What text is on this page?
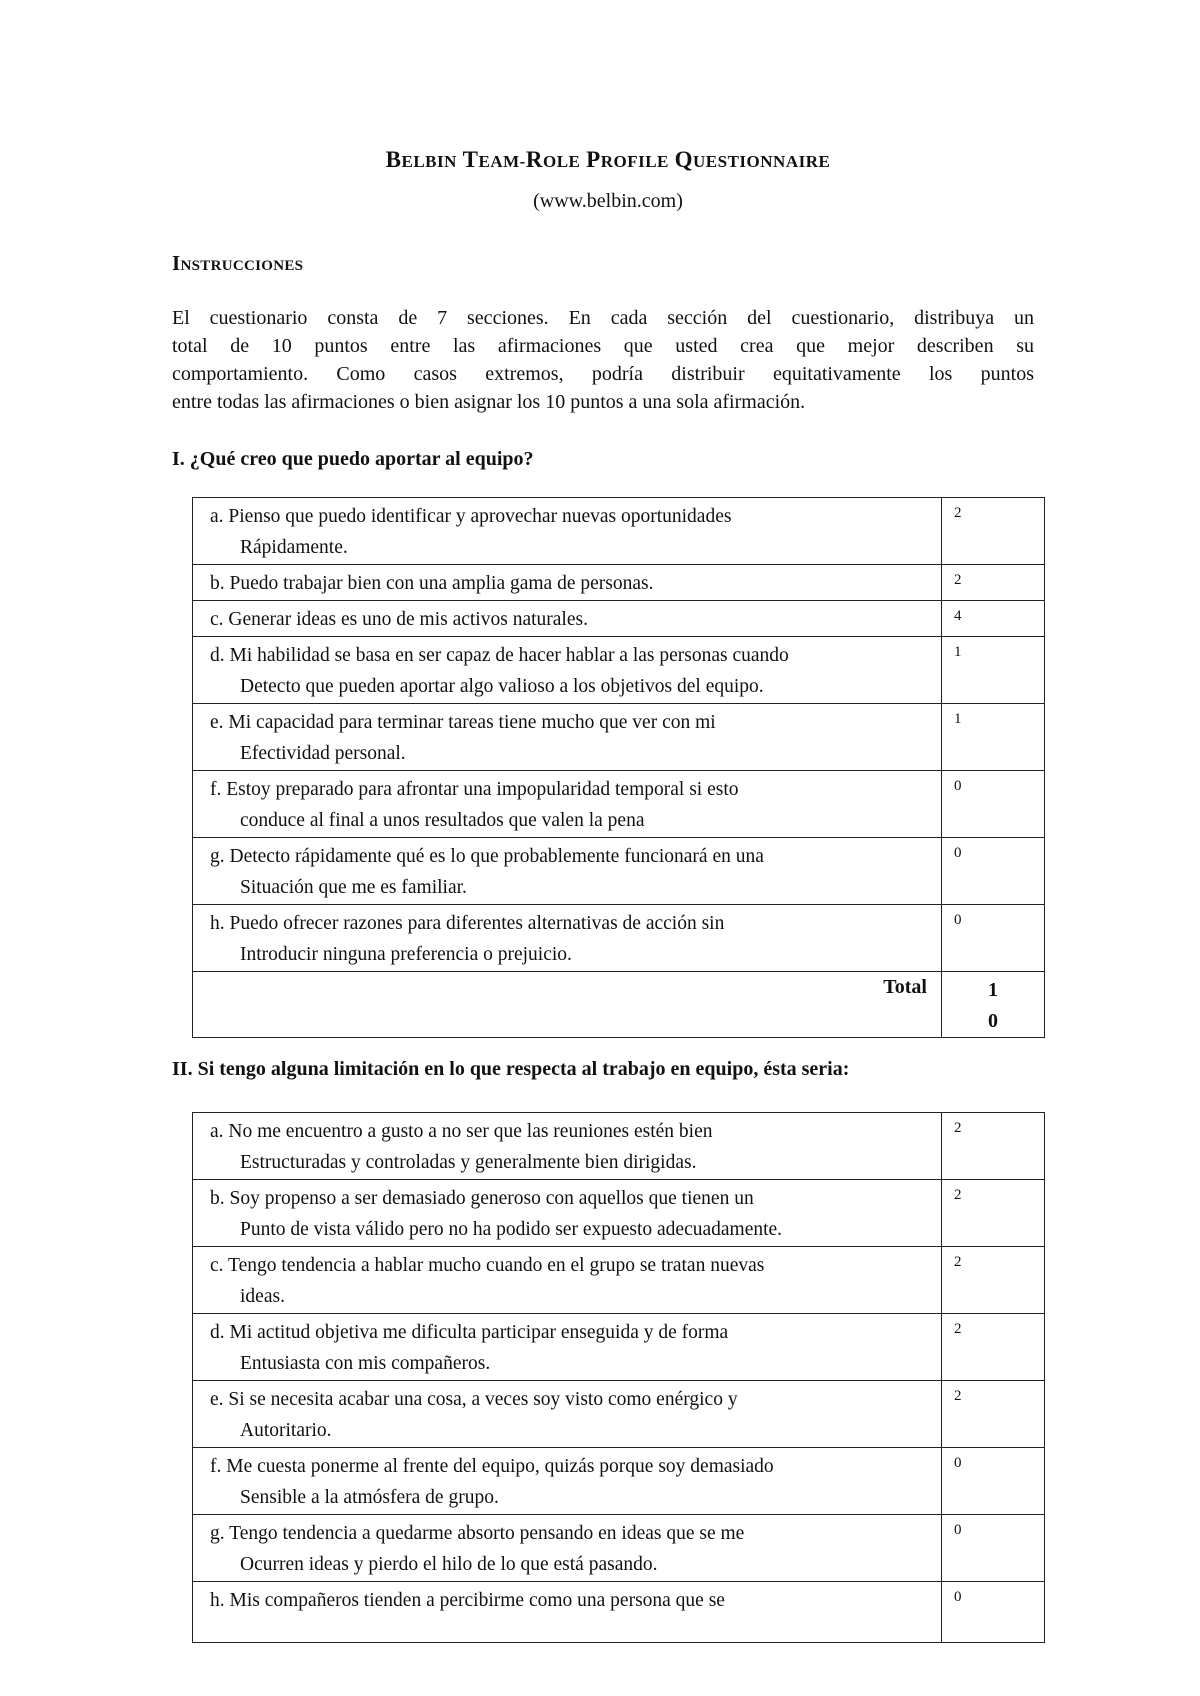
BELBIN TEAM-ROLE PROFILE QUESTIONNAIRE
(www.belbin.com)
INSTRUCCIONES
El cuestionario consta de 7 secciones. En cada sección del cuestionario, distribuya un
total de 10 puntos entre las afirmaciones que usted crea que mejor describen su
comportamiento. Como casos extremos, podría distribuir equitativamente los puntos
entre todas las afirmaciones o bien asignar los 10 puntos a una sola afirmación.
I. ¿Qué creo que puedo aportar al equipo?
a. Pienso que puedo identificar y aprovechar nuevas oportunidades
Rápidamente.	2

b. Puedo trabajar bien con una amplia gama de personas.	2

c. Generar ideas es uno de mis activos naturales.	4

d. Mi habilidad se basa en ser capaz de hacer hablar a las personas cuando
Detecto que pueden aportar algo valioso a los objetivos del equipo.	1

e. Mi capacidad para terminar tareas tiene mucho que ver con mi
Efectividad personal.	1

f. Estoy preparado para afrontar una impopularidad temporal si esto
conduce al final a unos resultados que valen la pena	0

g. Detecto rápidamente qué es lo que probablemente funcionará en una
Situación que me es familiar.	0

h. Puedo ofrecer razones para diferentes alternativas de acción sin
Introducir ninguna preferencia o prejuicio.	0
Total	1
0
II. Si tengo alguna limitación en lo que respecta al trabajo en equipo, ésta seria:
a. No me encuentro a gusto a no ser que las reuniones estén bien
Estructuradas y controladas y generalmente bien dirigidas.	2

b. Soy propenso a ser demasiado generoso con aquellos que tienen un
Punto de vista válido pero no ha podido ser expuesto adecuadamente.	2

c. Tengo tendencia a hablar mucho cuando en el grupo se tratan nuevas
ideas.	2

d. Mi actitud objetiva me dificulta participar enseguida y de forma
Entusiasta con mis compañeros.	2

e. Si se necesita acabar una cosa, a veces soy visto como enérgico y
Autoritario.	2

f. Me cuesta ponerme al frente del equipo, quizás porque soy demasiado
Sensible a la atmósfera de grupo.	0

g. Tengo tendencia a quedarme absorto pensando en ideas que se me
Ocurren ideas y pierdo el hilo de lo que está pasando.	0

h. Mis compañeros tienden a percibirme como una persona que se	0
